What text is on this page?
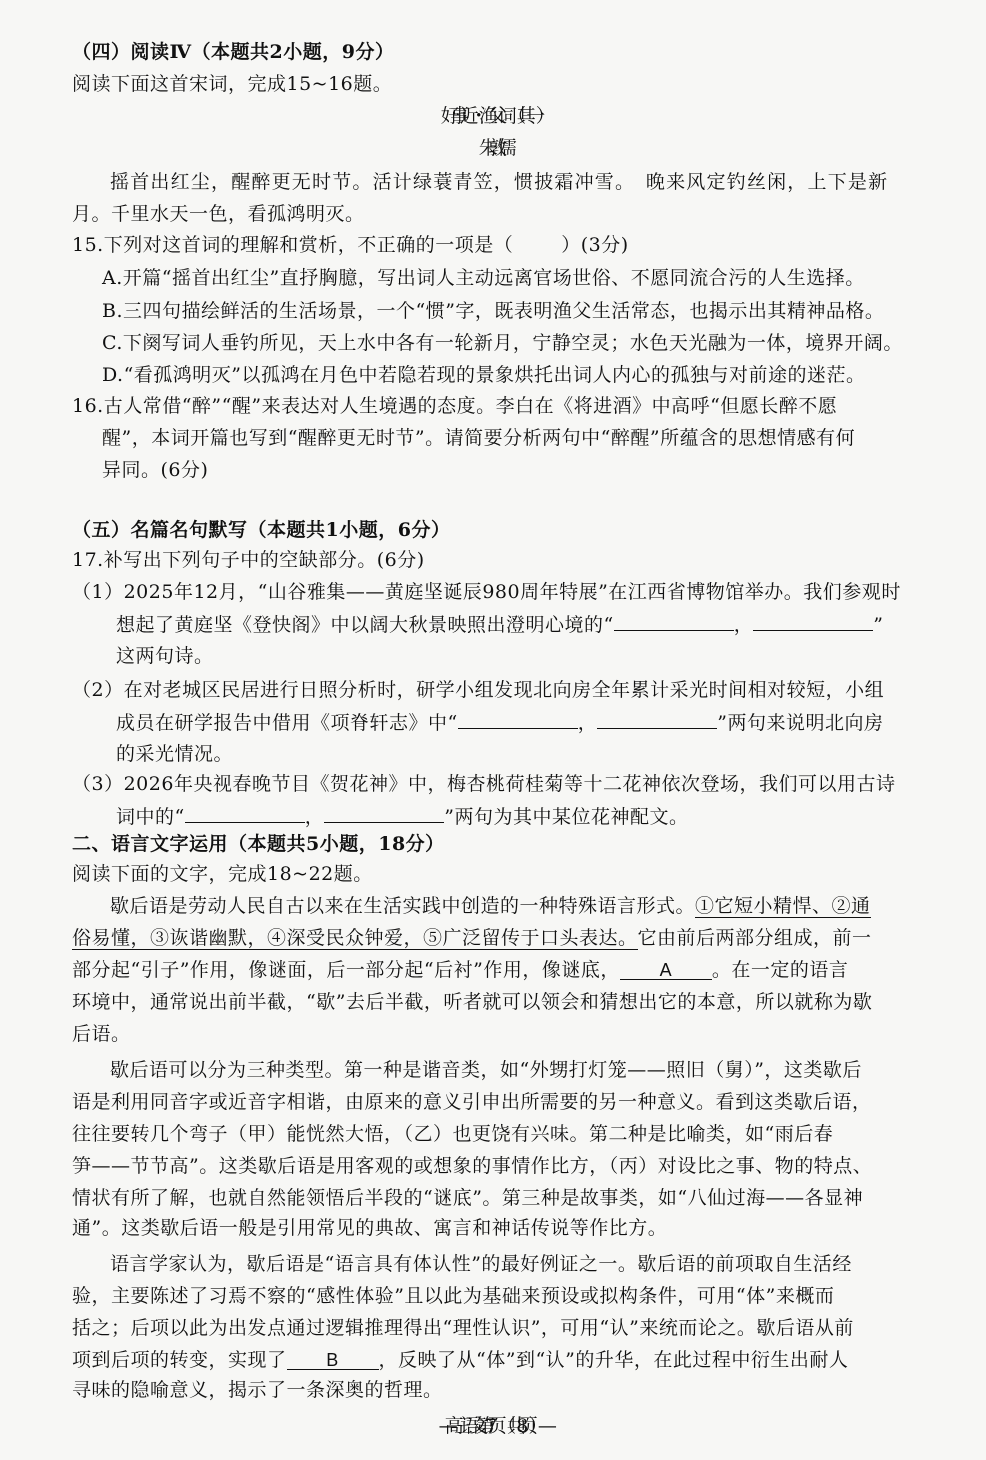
（四）阅读Ⅳ（本题共2小题，9分）
阅读下面这首宋词，完成15~16题。
好事近・渔父词（其一）
朱敦儒
摇首出红尘，醒醉更无时节。活计绿蓑青笠，惯披霜冲雪。　晚来风定钓丝闲，上下是新
月。千里水天一色，看孤鸿明灭。
15.下列对这首词的理解和赏析，不正确的一项是（	）(3分)
A.开篇“摇首出红尘”直抒胸臆，写出词人主动远离官场世俗、不愿同流合污的人生选择。
B.三四句描绘鲜活的生活场景，一个“惯”字，既表明渔父生活常态，也揭示出其精神品格。
C.下阕写词人垂钓所见，天上水中各有一轮新月，宁静空灵；水色天光融为一体，境界开阔。
D.“看孤鸿明灭”以孤鸿在月色中若隐若现的景象烘托出词人内心的孤独与对前途的迷茫。
16.古人常借“醉”“醒”来表达对人生境遇的态度。李白在《将进酒》中高呼“但愿长醉不愿
醒”，本词开篇也写到“醒醉更无时节”。请简要分析两句中“醉醒”所蕴含的思想情感有何
异同。(6分)
（五）名篇名句默写（本题共1小题，6分）
17.补写出下列句子中的空缺部分。(6分)
（1）2025年12月，“山谷雅集——黄庭坚诞辰980周年特展”在江西省博物馆举办。我们参观时
想起了黄庭坚《登快阁》中以阔大秋景映照出澄明心境的“	，	”
这两句诗。
（2）在对老城区民居进行日照分析时，研学小组发现北向房全年累计采光时间相对较短，小组
成员在研学报告中借用《项脊轩志》中“	，	”两句来说明北向房
的采光情况。
（3）2026年央视春晚节目《贺花神》中，梅杏桃荷桂菊等十二花神依次登场，我们可以用古诗
词中的“	，	”两句为其中某位花神配文。
二、语言文字运用（本题共5小题，18分）
阅读下面的文字，完成18~22题。
歇后语是劳动人民自古以来在生活实践中创造的一种特殊语言形式。①它短小精悍、②通
俗易懂，③诙谐幽默，④深受民众钟爱，⑤广泛留传于口头表达。它由前后两部分组成，前一
部分起“引子”作用，像谜面，后一部分起“后衬”作用，像谜底， A 。在一定的语言
环境中，通常说出前半截，“歇”去后半截，听者就可以领会和猜想出它的本意，所以就称为歇
后语。
歇后语可以分为三种类型。第一种是谐音类，如“外甥打灯笼——照旧（舅）”，这类歇后
语是利用同音字或近音字相谐，由原来的意义引申出所需要的另一种意义。看到这类歇后语，
往往要转几个弯子（甲）能恍然大悟，（乙）也更饶有兴味。第二种是比喻类，如“雨后春
笋——节节高”。这类歇后语是用客观的或想象的事情作比方，（丙）对设比之事、物的特点、
情状有所了解，也就自然能领悟后半段的“谜底”。第三种是故事类，如“八仙过海——各显神
通”。这类歇后语一般是引用常见的典故、寓言和神话传说等作比方。
语言学家认为，歇后语是“语言具有体认性”的最好例证之一。歇后语的前项取自生活经
验，主要陈述了习焉不察的“感性体验”且以此为基础来预设或拟构条件，可用“体”来概而
括之；后项以此为出发点通过逻辑推理得出“理性认识”，可用“认”来统而论之。歇后语从前
项到后项的转变，实现了 B ，反映了从“体”到“认”的升华，在此过程中衍生出耐人
寻味的隐喻意义，揭示了一条深奥的哲理。
— 高三 语文 第7页（共8页）—
